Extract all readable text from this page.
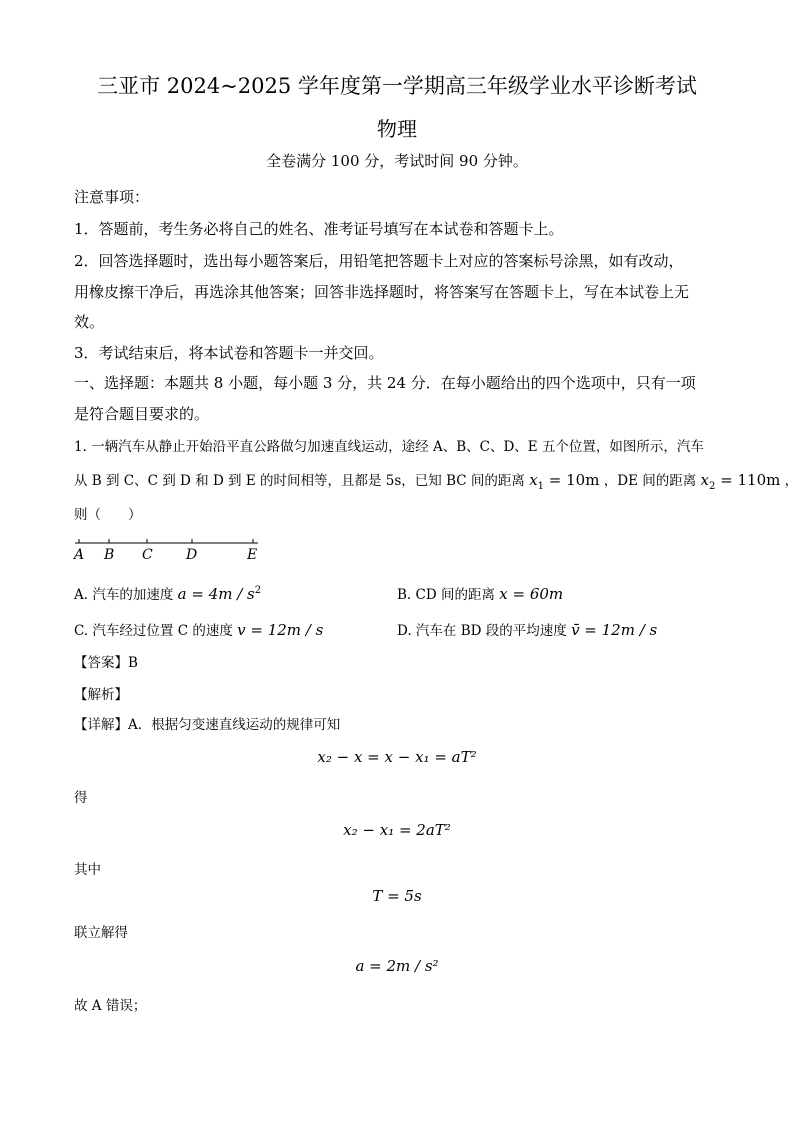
三亚市 2024~2025 学年度第一学期高三年级学业水平诊断考试
物理
全卷满分 100 分，考试时间 90 分钟。
注意事项：
1．答题前，考生务必将自己的姓名、准考证号填写在本试卷和答题卡上。
2．回答选择题时，选出每小题答案后，用铅笔把答题卡上对应的答案标号涂黑，如有改动，
用橡皮擦干净后，再选涂其他答案；回答非选择题时，将答案写在答题卡上，写在本试卷上无
效。
3．考试结束后，将本试卷和答题卡一并交回。
一、选择题：本题共 8 小题，每小题 3 分，共 24 分．在每小题给出的四个选项中，只有一项
是符合题目要求的。
1. 一辆汽车从静止开始沿平直公路做匀加速直线运动，途经 A、B、C、D、E 五个位置，如图所示，汽车
从 B 到 C、C 到 D 和 D 到 E 的时间相等，且都是 5s，已知 BC 间的距离 $x_1 = 10m$ ，DE 间的距离 $x_2 = 110m$ ，
则（　　）
A B C D	E
A. 汽车的加速度 $a = 4m / s^2$	B. CD 间的距离 x = 60m
C. 汽车经过位置 C 的速度 v = 12m / s	D. 汽车在 BD 段的平均速度 v̄ = 12m / s
【答案】B
【解析】
【详解】A．根据匀变速直线运动的规律可知
x₂ − x = x − x₁ = aT²
得
x₂ − x₁ = 2aT²
其中
T = 5s
联立解得
a = 2m / s²
故 A 错误；
